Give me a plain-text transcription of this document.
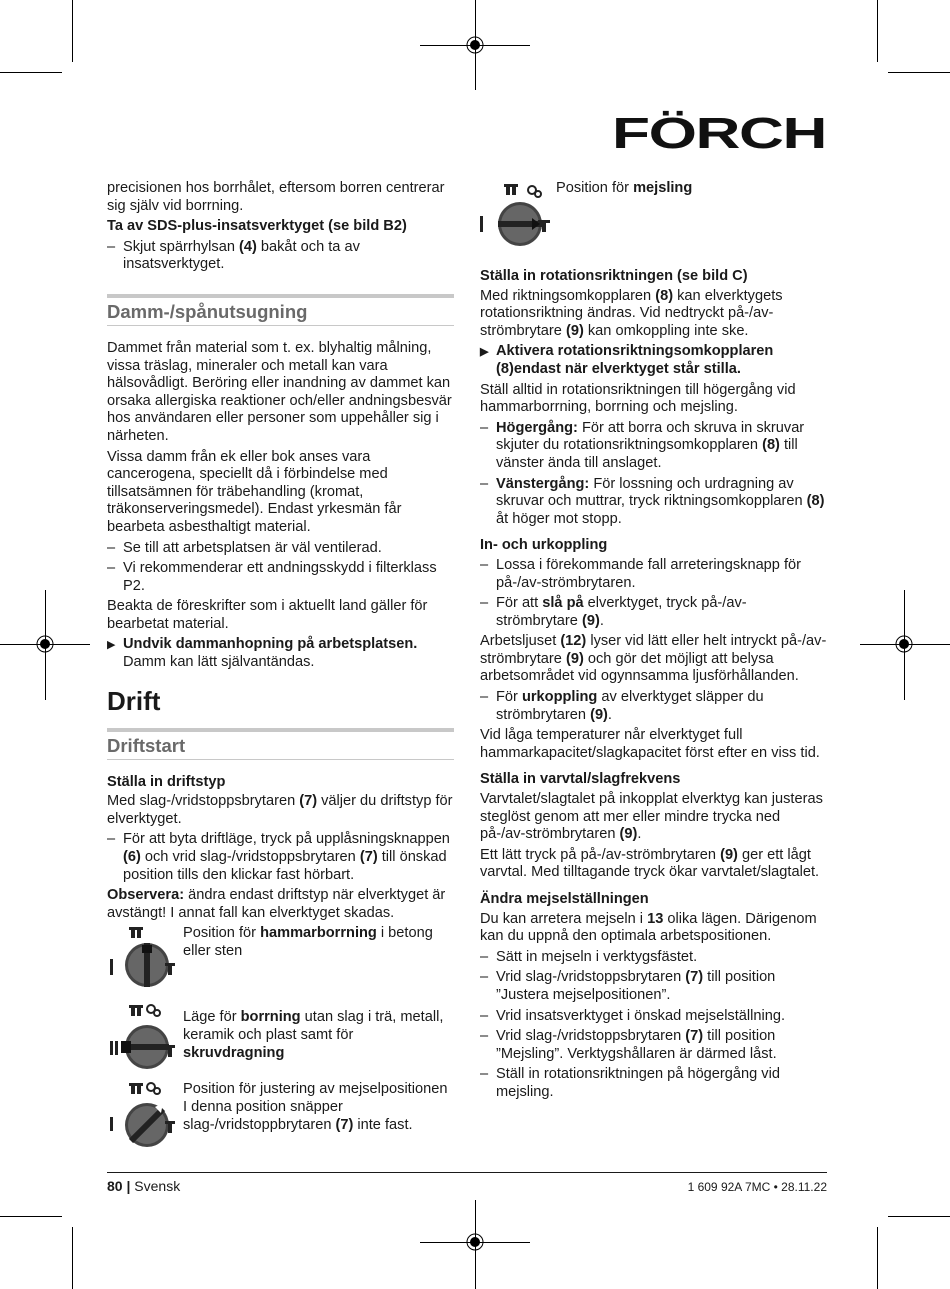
FÖRCH

precisionen hos borrhålet, eftersom borren centrerar sig själv vid borrning.

Ta av SDS-plus-insatsverktyget (se bild B2)

– Skjut spärrhylsan (4) bakåt och ta av insatsverktyget.
Damm-/spånutsugning

Dammet från material som t. ex. blyhaltig målning, vissa träslag, mineraler och metall kan vara hälsovådligt. Beröring eller inandning av dammet kan orsaka allergiska reaktioner och/eller andningsbesvär hos användaren eller personer som uppehåller sig i närheten.

Vissa damm från ek eller bok anses vara cancerogena, speciellt då i förbindelse med tillsatsämnen för träbehandling (kromat, träkonserveringsmedel). Endast yrkesmän får bearbeta asbesthaltigt material.

– Se till att arbetsplatsen är väl ventilerad.
– Vi rekommenderar ett andningsskydd i filterklass P2.

Beakta de föreskrifter som i aktuellt land gäller för bearbetat material.

▶ Undvik dammanhopning på arbetsplatsen.
Damm kan lätt självantändas.
Drift
Driftstart

Ställa in driftstyp

Med slag-/vridstoppsbrytaren (7) väljer du driftstyp för elverktyget.

– För att byta driftläge, tryck på upplåsningsknappen (6) och vrid slag-/vridstoppsbrytaren (7) till önskad position tills den klickar fast hörbart.

Observera: ändra endast driftstyp när elverktyget är avstängt! I annat fall kan elverktyget skadas.

Position för hammarborrning i betong eller sten
Läge för borrning utan slag i trä, metall, keramik och plast samt för skruvdragning
Position för justering av mejselpositionen
I denna position snäpper slag-/vridstoppbrytaren (7) inte fast.
Position för mejsling

Ställa in rotationsriktningen (se bild C)

Med riktningsomkopplaren (8) kan elverktygets rotationsriktning ändras. Vid nedtryckt på-/av-strömbrytare (9) kan omkoppling inte ske.

▶ Aktivera rotationsriktningsomkopplaren (8)endast när elverktyget står stilla.

Ställ alltid in rotationsriktningen till högergång vid hammarborrning, borrning och mejsling.

– Högergång: För att borra och skruva in skruvar skjuter du rotationsriktningsomkopplaren (8) till vänster ända till anslaget.
– Vänstergång: För lossning och urdragning av skruvar och muttrar, tryck riktningsomkopplaren (8) åt höger mot stopp.

In- och urkoppling

– Lossa i förekommande fall arreteringsknapp för på-/av-strömbrytaren.
– För att slå på elverktyget, tryck på-/av-strömbrytare (9).

Arbetsljuset (12) lyser vid lätt eller helt intryckt på-/av-strömbrytare (9) och gör det möjligt att belysa arbetsområdet vid ogynnsamma ljusförhållanden.

– För urkoppling av elverktyget släpper du strömbrytaren (9).

Vid låga temperaturer når elverktyget full hammarkapacitet/slagkapacitet först efter en viss tid.

Ställa in varvtal/slagfrekvens

Varvtalet/slagtalet på inkopplat elverktyg kan justeras steglöst genom att mer eller mindre trycka ned på-/av-strömbrytaren (9).

Ett lätt tryck på på-/av-strömbrytaren (9) ger ett lågt varvtal. Med tilltagande tryck ökar varvtalet/slagtalet.

Ändra mejselställningen

Du kan arretera mejseln i 13 olika lägen. Därigenom kan du uppnå den optimala arbetspositionen.

– Sätt in mejseln i verktygsfästet.
– Vrid slag-/vridstoppsbrytaren (7) till position ”Justera mejselpositionen”.
– Vrid insatsverktyget i önskad mejselställning.
– Vrid slag-/vridstoppsbrytaren (7) till position ”Mejsling”. Verktygshållaren är därmed låst.
– Ställ in rotationsriktningen på högergång vid mejsling.
80 | Svensk	1 609 92A 7MC • 28.11.22
